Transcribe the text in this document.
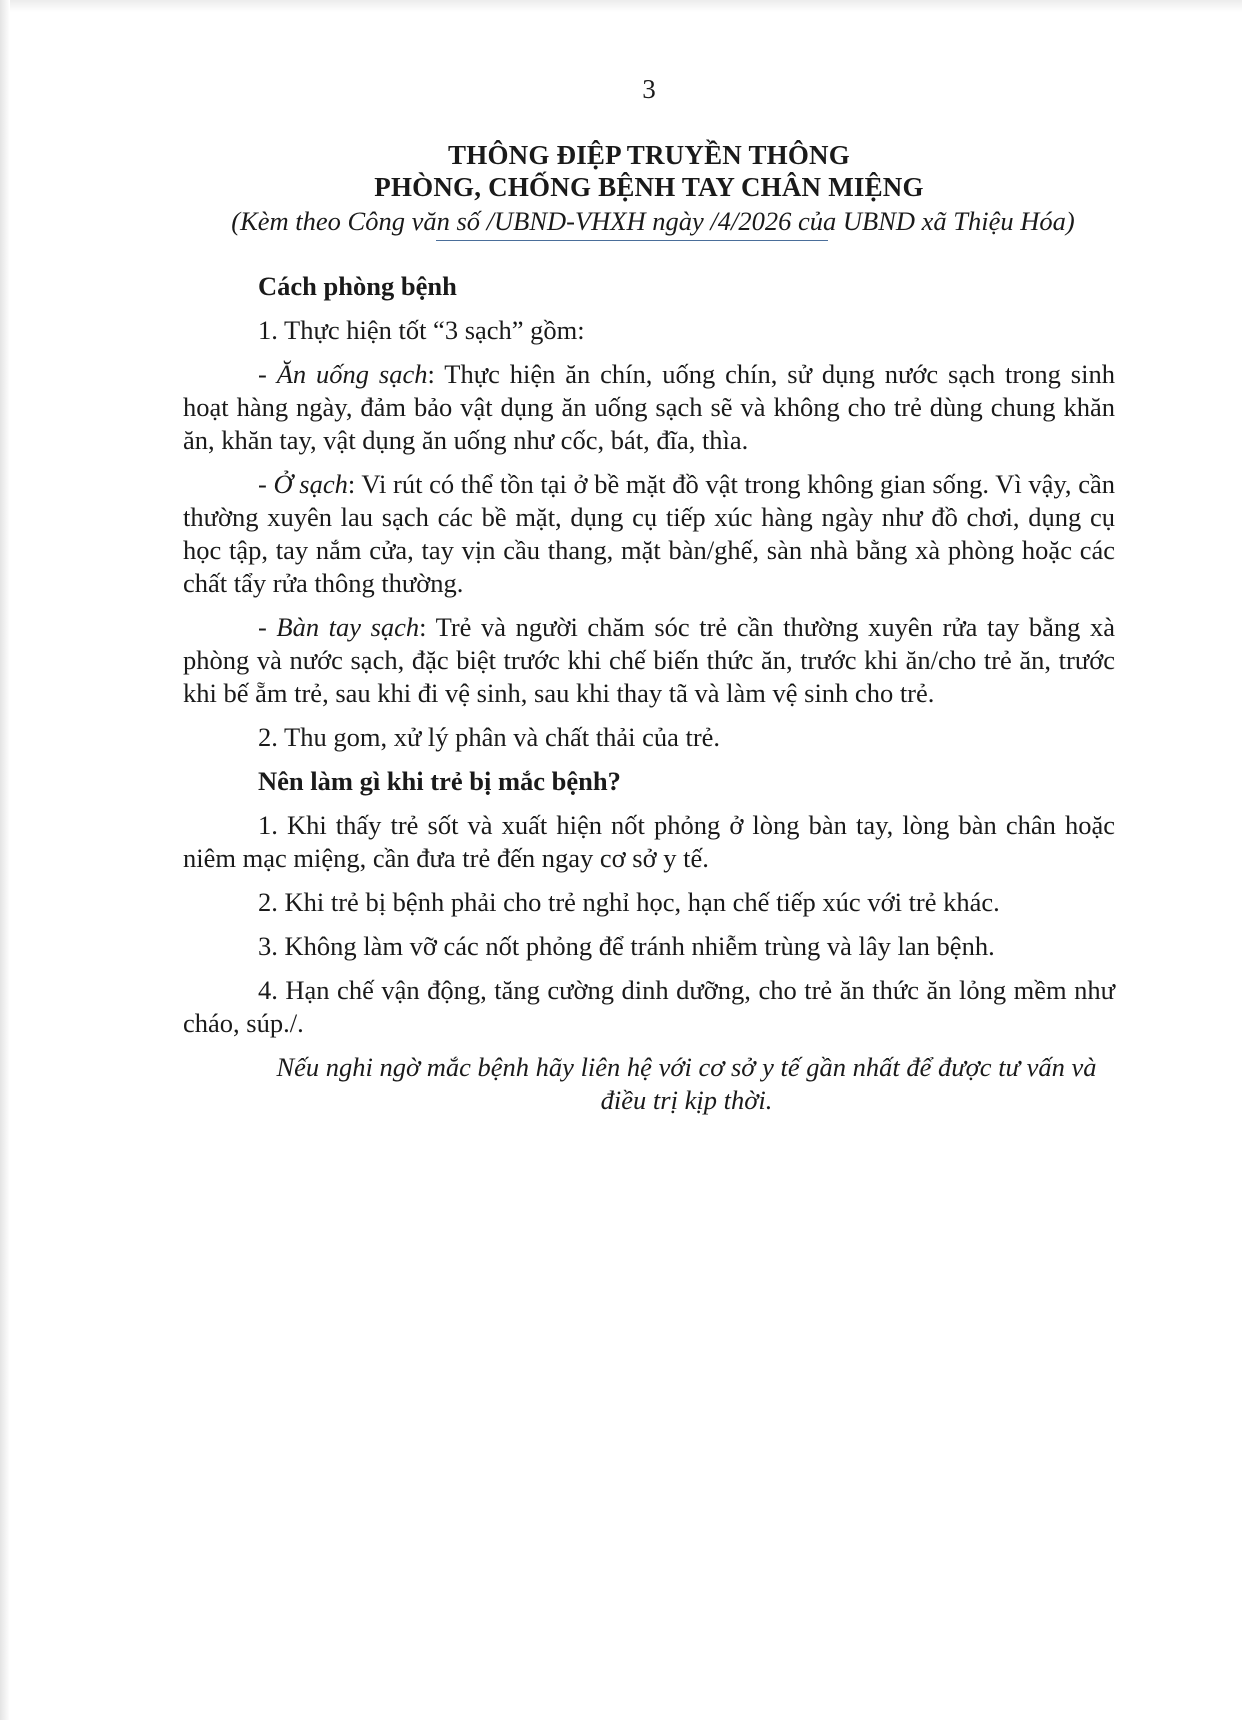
3
THÔNG ĐIỆP TRUYỀN THÔNG
PHÒNG, CHỐNG BỆNH TAY CHÂN MIỆNG
(Kèm theo Công văn số /UBND-VHXH ngày /4/2026 của UBND xã Thiệu Hóa)

Cách phòng bệnh

1. Thực hiện tốt “3 sạch” gồm:

- Ăn uống sạch: Thực hiện ăn chín, uống chín, sử dụng nước sạch trong sinh hoạt hàng ngày, đảm bảo vật dụng ăn uống sạch sẽ và không cho trẻ dùng chung khăn ăn, khăn tay, vật dụng ăn uống như cốc, bát, đĩa, thìa.

- Ở sạch: Vi rút có thể tồn tại ở bề mặt đồ vật trong không gian sống. Vì vậy, cần thường xuyên lau sạch các bề mặt, dụng cụ tiếp xúc hàng ngày như đồ chơi, dụng cụ học tập, tay nắm cửa, tay vịn cầu thang, mặt bàn/ghế, sàn nhà bằng xà phòng hoặc các chất tẩy rửa thông thường.

- Bàn tay sạch: Trẻ và người chăm sóc trẻ cần thường xuyên rửa tay bằng xà phòng và nước sạch, đặc biệt trước khi chế biến thức ăn, trước khi ăn/cho trẻ ăn, trước khi bế ẵm trẻ, sau khi đi vệ sinh, sau khi thay tã và làm vệ sinh cho trẻ.

2. Thu gom, xử lý phân và chất thải của trẻ.

Nên làm gì khi trẻ bị mắc bệnh?

1. Khi thấy trẻ sốt và xuất hiện nốt phỏng ở lòng bàn tay, lòng bàn chân hoặc niêm mạc miệng, cần đưa trẻ đến ngay cơ sở y tế.

2. Khi trẻ bị bệnh phải cho trẻ nghỉ học, hạn chế tiếp xúc với trẻ khác.

3. Không làm vỡ các nốt phỏng để tránh nhiễm trùng và lây lan bệnh.

4. Hạn chế vận động, tăng cường dinh dưỡng, cho trẻ ăn thức ăn lỏng mềm như cháo, súp./.

Nếu nghi ngờ mắc bệnh hãy liên hệ với cơ sở y tế gần nhất để được tư vấn và điều trị kịp thời.
